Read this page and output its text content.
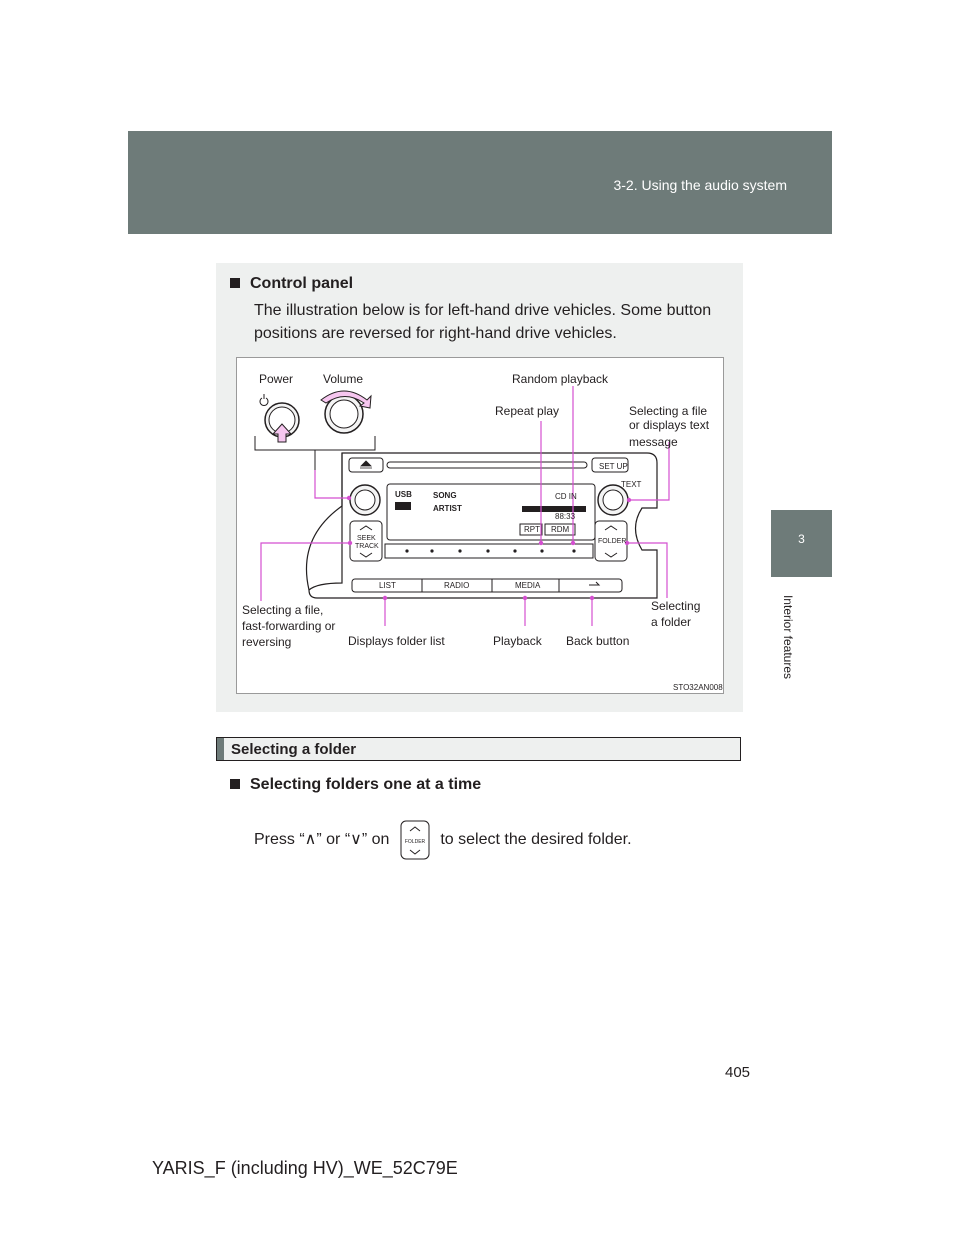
3-2. Using the audio system
3
Interior features
Control panel
The illustration below is for left-hand drive vehicles. Some button positions are reversed for right-hand drive vehicles.
SET UP
TEXT
USB	SONG
ARTIST
CD IN
88:33
RPT RDM
SEEK
TRACK
FOLDER
LIST	RADIO	MEDIA
Power Volume	Random playback
Repeat play	Selecting a file
or displays text
message
Selecting a file,
fast-forwarding or
reversing	Displays folder list	Playback Back button
Selecting
a folder
STO32AN008
Selecting a folder
Selecting folders one at a time
Press “∧” or “∨” on	FOLDER to select the desired folder.
405
YARIS_F (including HV)_WE_52C79E
